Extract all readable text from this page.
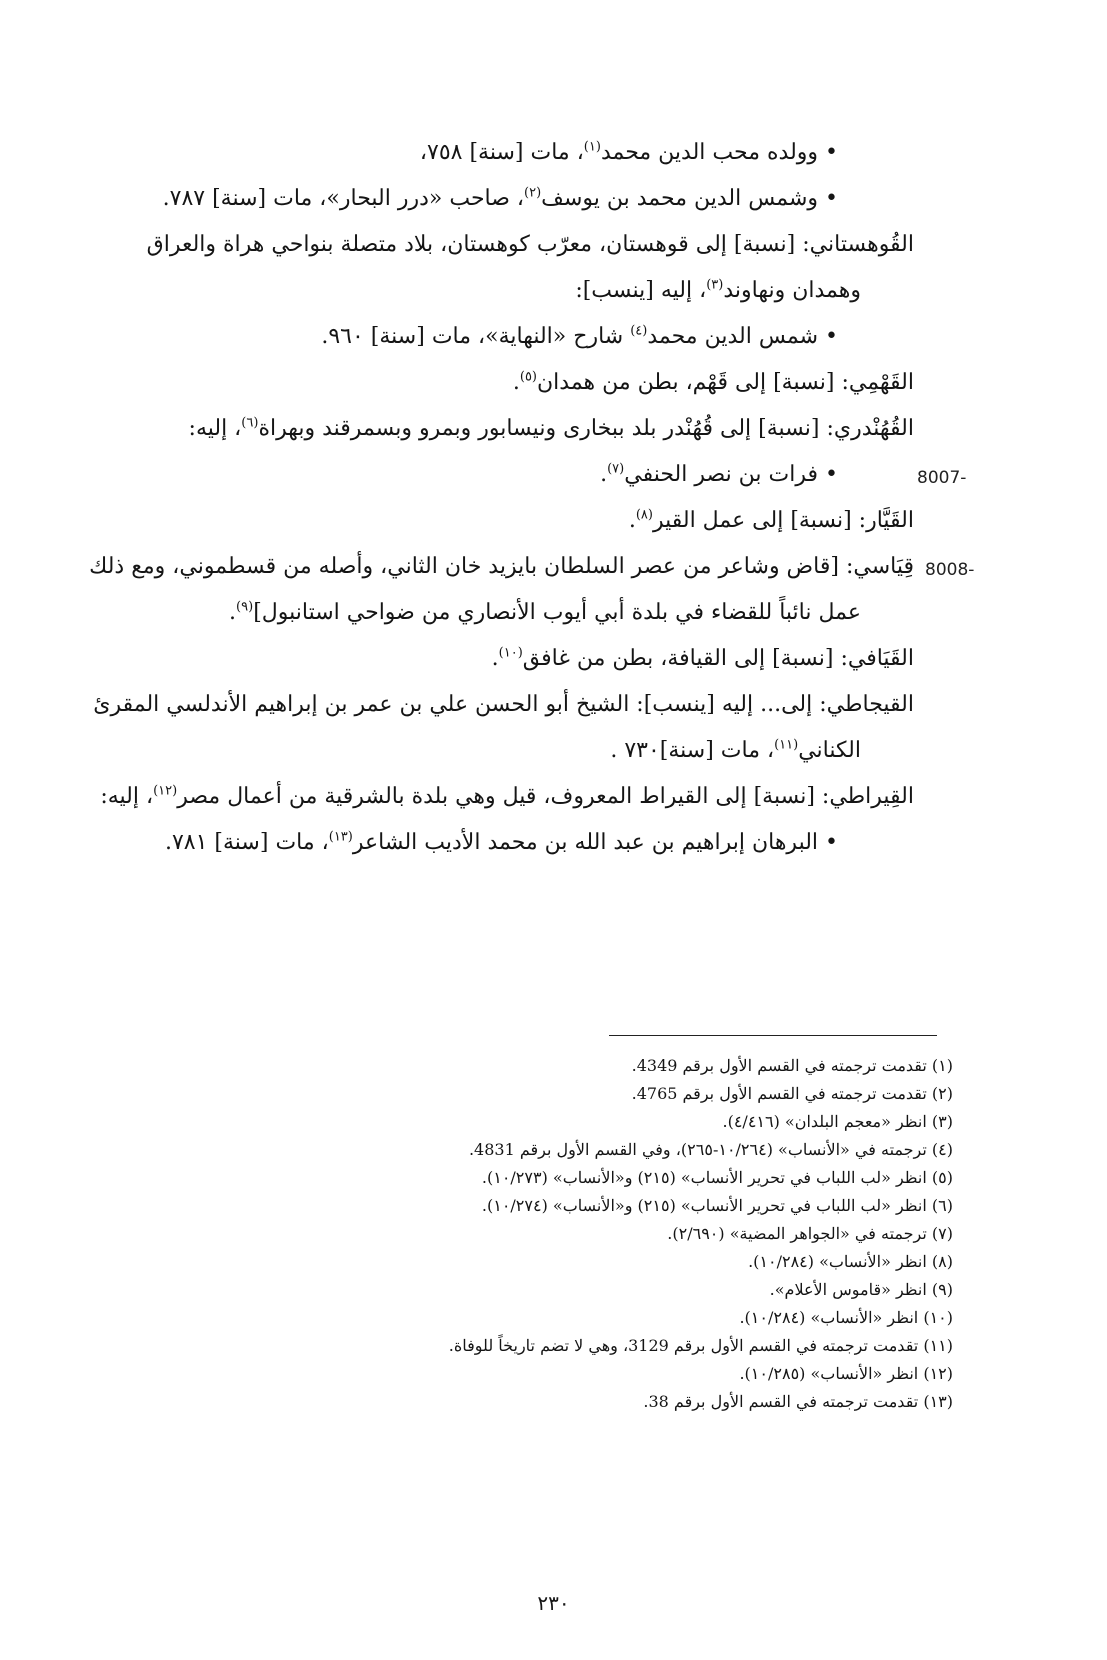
• وولده محب الدين محمد$^{(١)}$، مات [سنة] ٧٥٨،
• وشمس الدين محمد بن يوسف$^{(٢)}$، صاحب «درر البحار»، مات [سنة] ٧٨٧.
القُوهستاني: [نسبة] إلى قوهستان، معرّب كوهستان، بلاد متصلة بنواحي هراة والعراق
وهمدان ونهاوند$^{(٣)}$، إليه [ينسب]:
• شمس الدين محمد$^{(٤)}$ شارح «النهاية»، مات [سنة] ٩٦٠.
القَهْمِي: [نسبة] إلى قَهْم، بطن من همدان$^{(٥)}$.
القُهُنْدري: [نسبة] إلى قُهُنْدر بلد ببخارى ونيسابور وبمرو وبسمرقند وبهراة$^{(٦)}$، إليه:
8007-
• فرات بن نصر الحنفي$^{(٧)}$.
القَيَّار: [نسبة] إلى عمل القير$^{(٨)}$.
8008-
قِيَاسي: [قاض وشاعر من عصر السلطان بايزيد خان الثاني، وأصله من قسطموني، ومع ذلك
عمل نائباً للقضاء في بلدة أبي أيوب الأنصاري من ضواحي استانبول]$^{(٩)}$.
القَيَافي: [نسبة] إلى القيافة، بطن من غافق$^{(١٠)}$.
القيجاطي: إلى... إليه [ينسب]: الشيخ أبو الحسن علي بن عمر بن إبراهيم الأندلسي المقرئ
الكناني$^{(١١)}$، مات [سنة]٧٣٠ .
القِيراطي: [نسبة] إلى القيراط المعروف، قيل وهي بلدة بالشرقية من أعمال مصر$^{(١٢)}$، إليه:
• البرهان إبراهيم بن عبد الله بن محمد الأديب الشاعر$^{(١٣)}$، مات [سنة] ٧٨١.
(١) تقدمت ترجمته في القسم الأول برقم 4349.
(٢) تقدمت ترجمته في القسم الأول برقم 4765.
(٣) انظر «معجم البلدان» (٤/٤١٦).
(٤) ترجمته في «الأنساب» (١٠/٢٦٤-٢٦٥)، وفي القسم الأول برقم 4831.
(٥) انظر «لب اللباب في تحرير الأنساب» (٢١٥) و«الأنساب» (١٠/٢٧٣).
(٦) انظر «لب اللباب في تحرير الأنساب» (٢١٥) و«الأنساب» (١٠/٢٧٤).
(٧) ترجمته في «الجواهر المضية» (٢/٦٩٠).
(٨) انظر «الأنساب» (١٠/٢٨٤).
(٩) انظر «قاموس الأعلام».
(١٠) انظر «الأنساب» (١٠/٢٨٤).
(١١) تقدمت ترجمته في القسم الأول برقم 3129، وهي لا تضم تاريخاً للوفاة.
(١٢) انظر «الأنساب» (١٠/٢٨٥).
(١٣) تقدمت ترجمته في القسم الأول برقم 38.
٢٣٠
